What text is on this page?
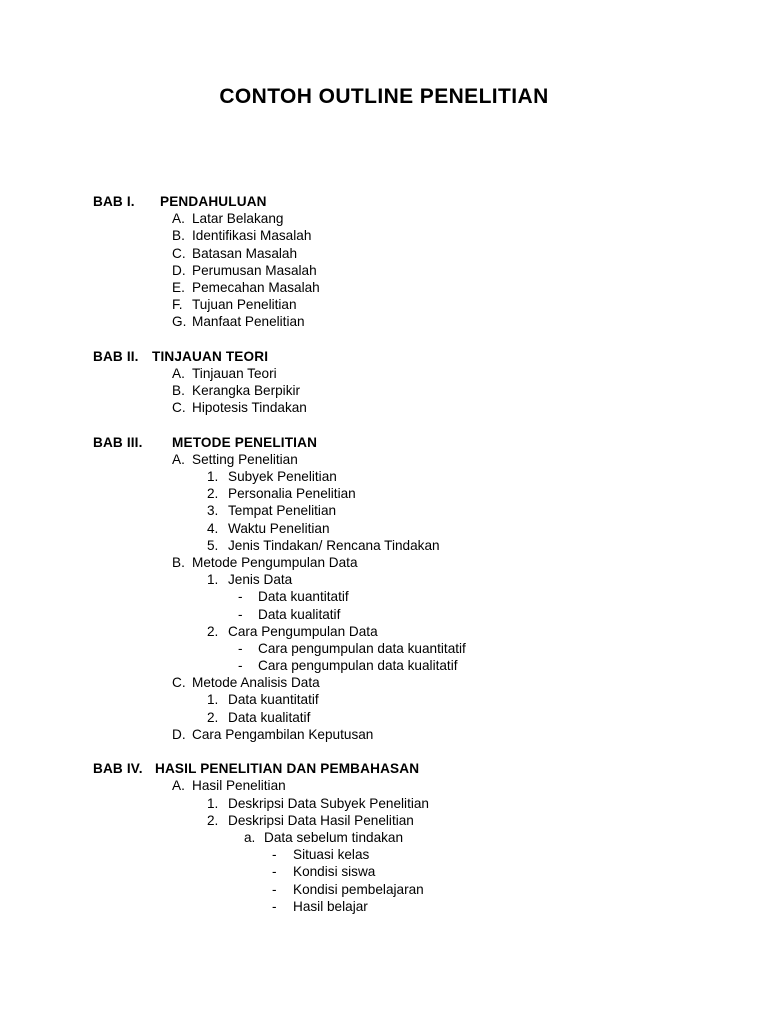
CONTOH OUTLINE PENELITIAN
BAB I. PENDAHULUAN
A. Latar Belakang
B. Identifikasi Masalah
C. Batasan Masalah
D. Perumusan Masalah
E. Pemecahan Masalah
F. Tujuan Penelitian
G. Manfaat Penelitian
BAB II. TINJAUAN TEORI
A. Tinjauan Teori
B. Kerangka Berpikir
C. Hipotesis Tindakan
BAB III. METODE PENELITIAN
A. Setting Penelitian
1. Subyek Penelitian
2. Personalia Penelitian
3. Tempat Penelitian
4. Waktu Penelitian
5. Jenis Tindakan/ Rencana Tindakan
B. Metode Pengumpulan Data
1. Jenis Data
- Data kuantitatif
- Data kualitatif
2. Cara Pengumpulan Data
- Cara pengumpulan data kuantitatif
- Cara pengumpulan data kualitatif
C. Metode Analisis Data
1. Data kuantitatif
2. Data kualitatif
D. Cara Pengambilan Keputusan
BAB IV. HASIL PENELITIAN DAN PEMBAHASAN
A. Hasil Penelitian
1. Deskripsi Data Subyek Penelitian
2. Deskripsi Data Hasil Penelitian
a. Data sebelum tindakan
- Situasi kelas
- Kondisi siswa
- Kondisi pembelajaran
- Hasil belajar
